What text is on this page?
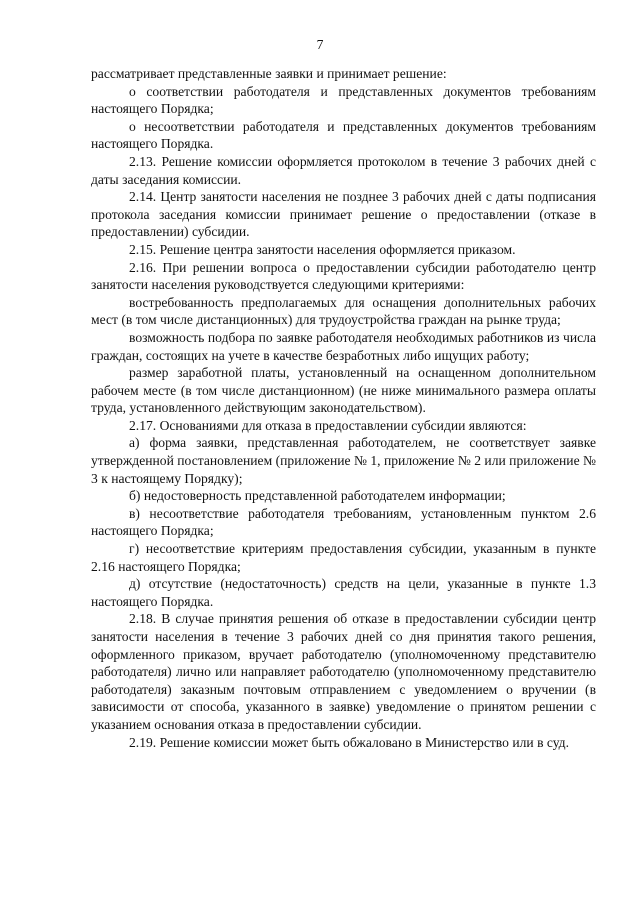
7

рассматривает представленные заявки и принимает решение:

о соответствии работодателя и представленных документов требованиям настоящего Порядка;

о несоответствии работодателя и представленных документов требованиям настоящего Порядка.

2.13. Решение комиссии оформляется протоколом в течение 3 рабочих дней с даты заседания комиссии.

2.14. Центр занятости населения не позднее 3 рабочих дней с даты подписания протокола заседания комиссии принимает решение о предоставлении (отказе в предоставлении) субсидии.

2.15. Решение центра занятости населения оформляется приказом.

2.16. При решении вопроса о предоставлении субсидии работодателю центр занятости населения руководствуется следующими критериями:

востребованность предполагаемых для оснащения дополнительных рабочих мест (в том числе дистанционных) для трудоустройства граждан на рынке труда;

возможность подбора по заявке работодателя необходимых работников из числа граждан, состоящих на учете в качестве безработных либо ищущих работу;

размер заработной платы, установленный на оснащенном дополнительном рабочем месте (в том числе дистанционном) (не ниже минимального размера оплаты труда, установленного действующим законодательством).

2.17. Основаниями для отказа в предоставлении субсидии являются:

а) форма заявки, представленная работодателем, не соответствует заявке утвержденной постановлением (приложение № 1, приложение № 2 или приложение № 3 к настоящему Порядку);

б) недостоверность представленной работодателем информации;

в) несоответствие работодателя требованиям, установленным пунктом 2.6 настоящего Порядка;

г) несоответствие критериям предоставления субсидии, указанным в пункте 2.16 настоящего Порядка;

д) отсутствие (недостаточность) средств на цели, указанные в пункте 1.3 настоящего Порядка.

2.18. В случае принятия решения об отказе в предоставлении субсидии центр занятости населения в течение 3 рабочих дней со дня принятия такого решения, оформленного приказом, вручает работодателю (уполномоченному представителю работодателя) лично или направляет работодателю (уполномоченному представителю работодателя) заказным почтовым отправлением с уведомлением о вручении (в зависимости от способа, указанного в заявке) уведомление о принятом решении с указанием основания отказа в предоставлении субсидии.

2.19. Решение комиссии может быть обжаловано в Министерство или в суд.
